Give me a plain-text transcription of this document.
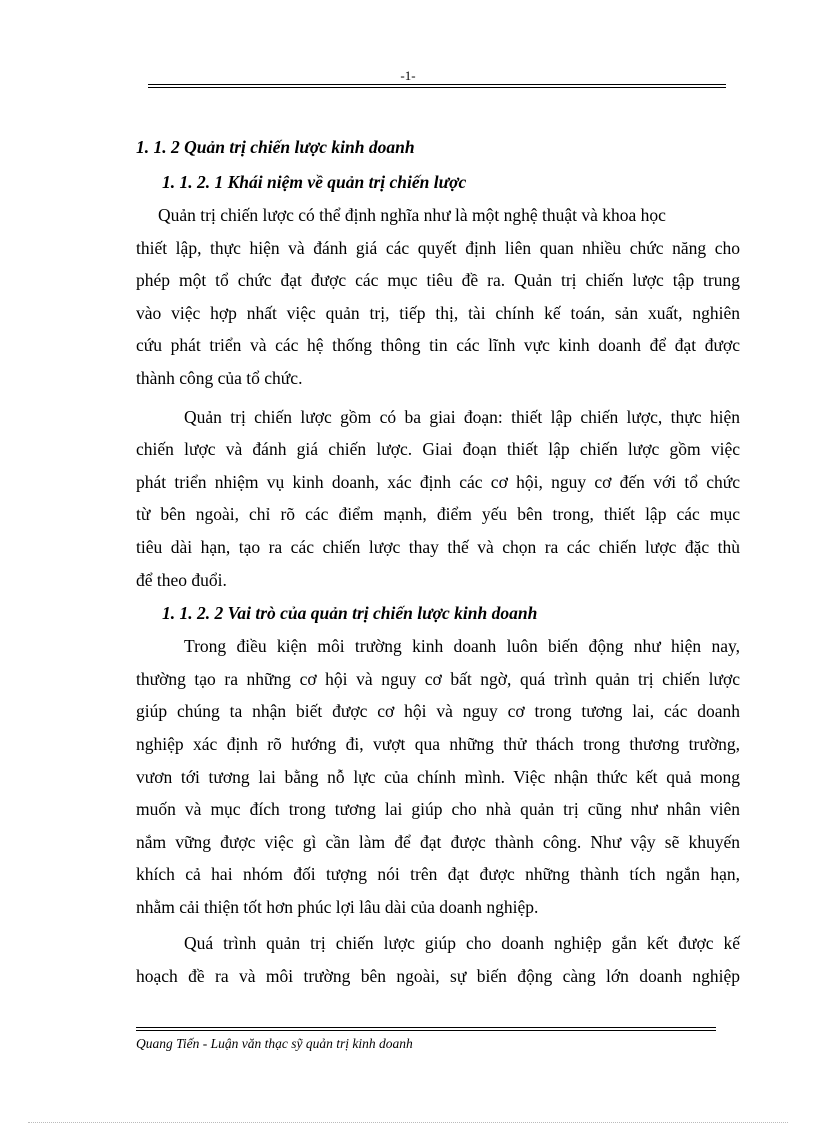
-1-

1. 1. 2 Quản trị chiến lược kinh doanh

1. 1. 2. 1 Khái niệm về quản trị chiến lược

Quản trị chiến lược có thể định nghĩa như là một nghệ thuật và khoa học
thiết lập, thực hiện và đánh giá các quyết định liên quan nhiều chức năng cho
phép một tổ chức đạt được các mục tiêu đề ra. Quản trị chiến lược tập trung
vào việc hợp nhất việc quản trị, tiếp thị, tài chính kế toán, sản xuất, nghiên
cứu phát triển và các hệ thống thông tin các lĩnh vực kinh doanh để đạt được
thành công của tổ chức.

Quản trị chiến lược gồm có ba giai đoạn: thiết lập chiến lược, thực hiện
chiến lược và đánh giá chiến lược. Giai đoạn thiết lập chiến lược gồm việc
phát triển nhiệm vụ kinh doanh, xác định các cơ hội, nguy cơ đến với tổ chức
từ bên ngoài, chỉ rõ các điểm mạnh, điểm yếu bên trong, thiết lập các mục
tiêu dài hạn, tạo ra các chiến lược thay thế và chọn ra các chiến lược đặc thù
để theo đuổi.

1. 1. 2. 2 Vai trò của quản trị chiến lược kinh doanh

Trong điều kiện môi trường kinh doanh luôn biến động như hiện nay,
thường tạo ra những cơ hội và nguy cơ bất ngờ, quá trình quản trị chiến lược
giúp chúng ta nhận biết được cơ hội và nguy cơ trong tương lai, các doanh
nghiệp xác định rõ hướng đi, vượt qua những thử thách trong thương trường,
vươn tới tương lai bằng nỗ lực của chính mình. Việc nhận thức kết quả mong
muốn và mục đích trong tương lai giúp cho nhà quản trị cũng như nhân viên
nắm vững được việc gì cần làm để đạt được thành công. Như vậy sẽ khuyến
khích cả hai nhóm đối tượng nói trên đạt được những thành tích ngắn hạn,
nhằm cải thiện tốt hơn phúc lợi lâu dài của doanh nghiệp.

Quá trình quản trị chiến lược giúp cho doanh nghiệp gắn kết được kế
hoạch đề ra và môi trường bên ngoài, sự biến động càng lớn doanh nghiệp

Quang Tiến - Luận văn thạc sỹ quản trị kinh doanh
